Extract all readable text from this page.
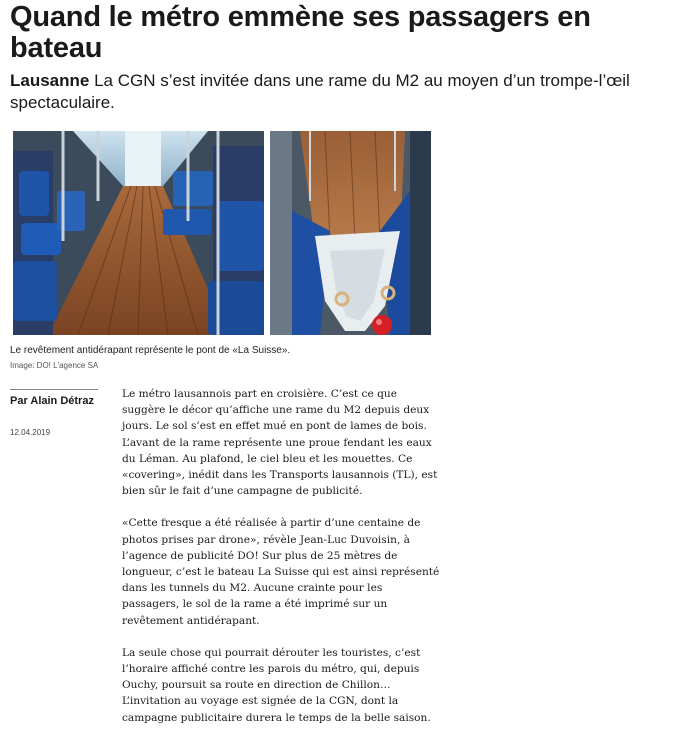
Quand le métro emmène ses passagers en bateau

Lausanne La CGN s’est invitée dans une rame du M2 au moyen d’un trompe-l’œil spectaculaire.

Le revêtement antidérapant représente le pont de «La Suisse».
Image: DO! L'agence SA
Par Alain Détraz
12.04.2019

Le métro lausannois part en croisière. C’est ce que suggère le décor qu’affiche une rame du M2 depuis deux jours. Le sol s’est en effet mué en pont de lames de bois. L’avant de la rame représente une proue fendant les eaux du Léman. Au plafond, le ciel bleu et les mouettes. Ce «covering», inédit dans les Transports lausannois (TL), est bien sûr le fait d’une campagne de publicité.

«Cette fresque a été réalisée à partir d’une centaine de photos prises par drone», révèle Jean-Luc Duvoisin, à l’agence de publicité DO! Sur plus de 25 mètres de longueur, c’est le bateau La Suisse qui est ainsi représenté dans les tunnels du M2. Aucune crainte pour les passagers, le sol de la rame a été imprimé sur un revêtement antidérapant.

La seule chose qui pourrait dérouter les touristes, c’est l’horaire affiché contre les parois du métro, qui, depuis Ouchy, poursuit sa route en direction de Chillon… L’invitation au voyage est signée de la CGN, dont la campagne publicitaire durera le temps de la belle saison.
